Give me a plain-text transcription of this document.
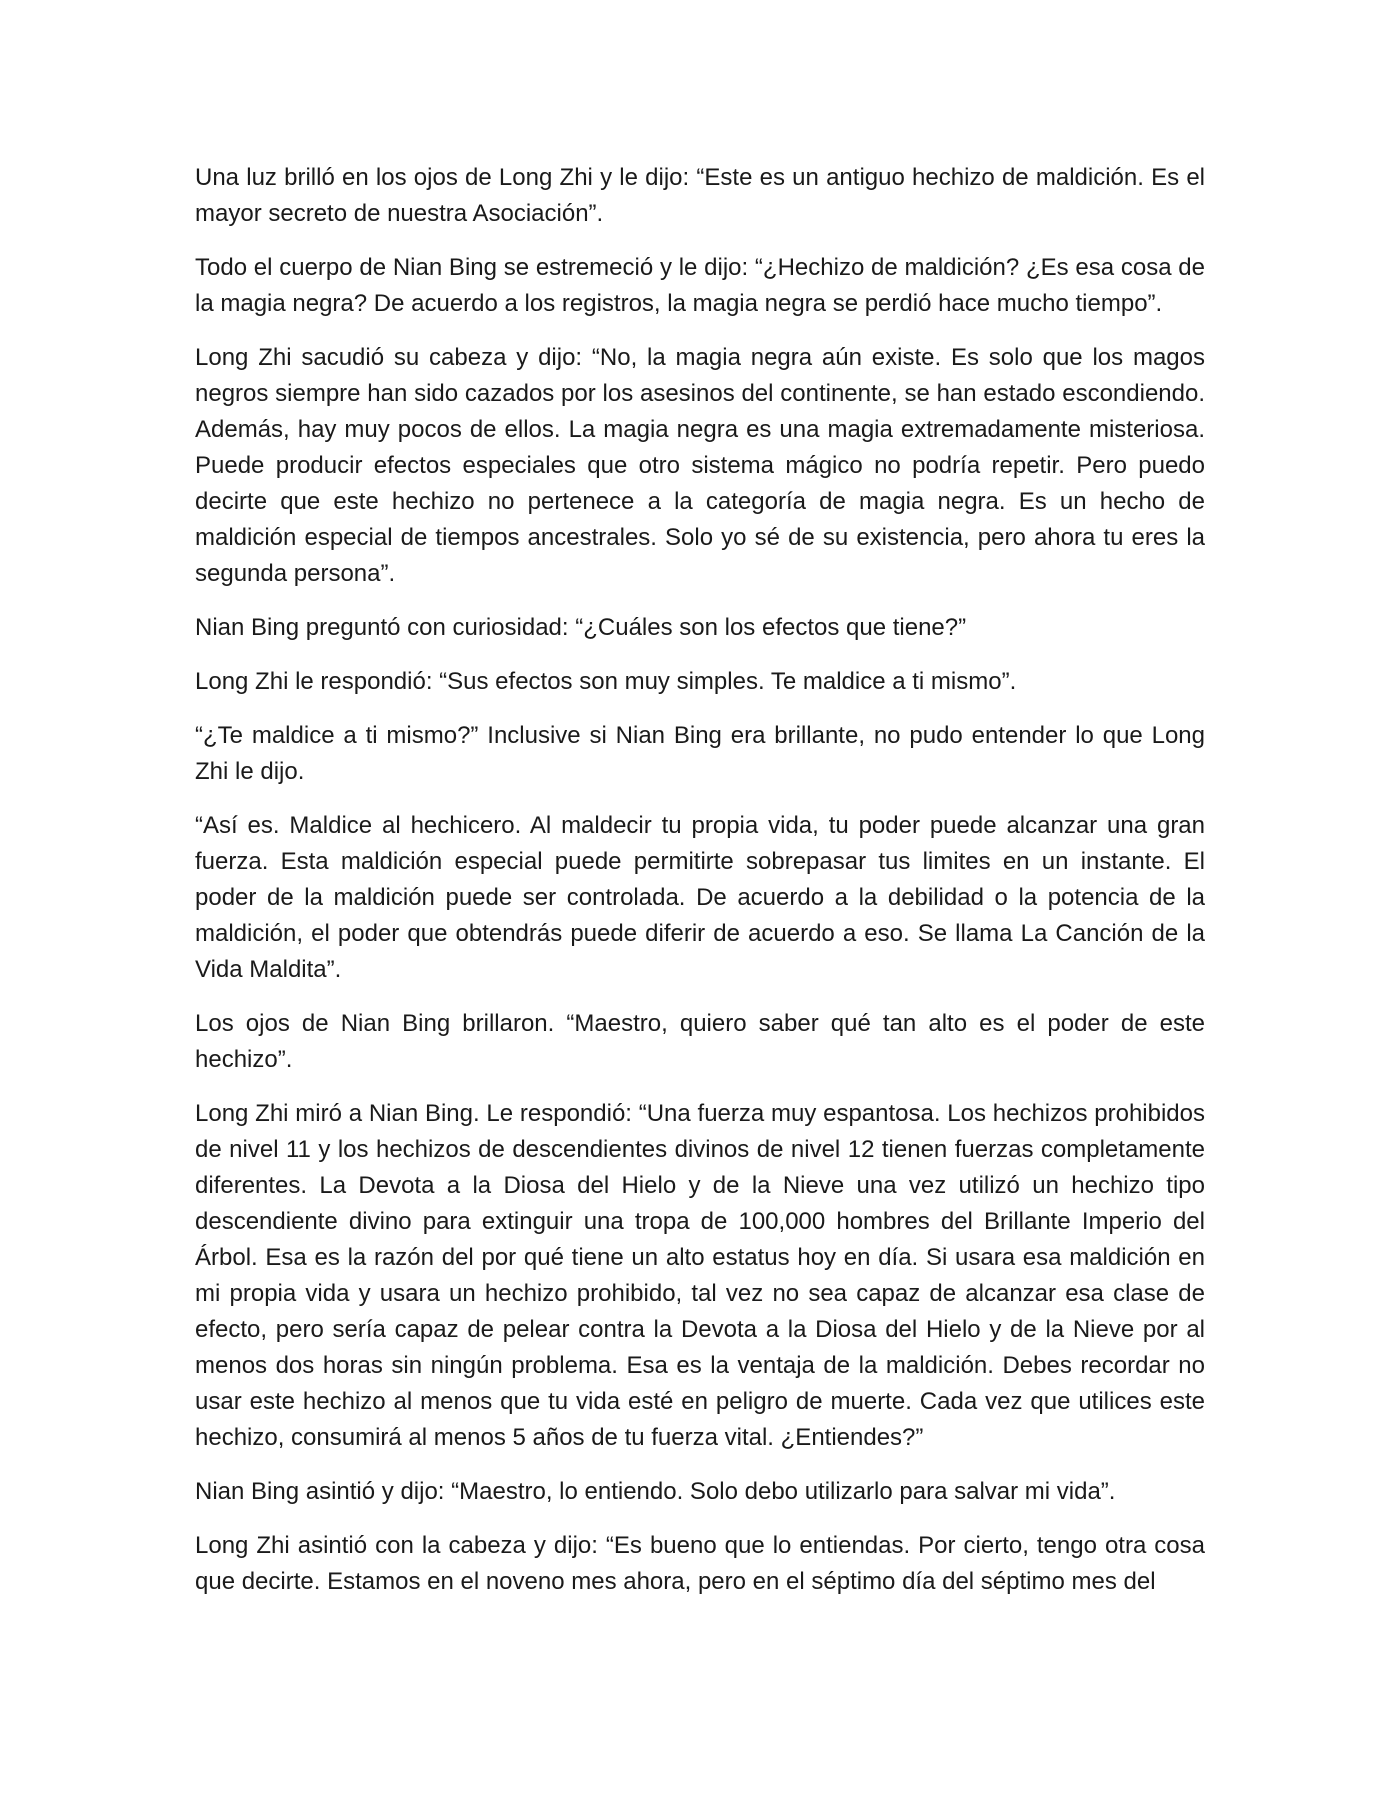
Una luz brilló en los ojos de Long Zhi y le dijo: “Este es un antiguo hechizo de maldición. Es el mayor secreto de nuestra Asociación”.

Todo el cuerpo de Nian Bing se estremeció y le dijo: “¿Hechizo de maldición? ¿Es esa cosa de la magia negra? De acuerdo a los registros, la magia negra se perdió hace mucho tiempo”.

Long Zhi sacudió su cabeza y dijo: “No, la magia negra aún existe. Es solo que los magos negros siempre han sido cazados por los asesinos del continente, se han estado escondiendo. Además, hay muy pocos de ellos. La magia negra es una magia extremadamente misteriosa. Puede producir efectos especiales que otro sistema mágico no podría repetir. Pero puedo decirte que este hechizo no pertenece a la categoría de magia negra. Es un hecho de maldición especial de tiempos ancestrales. Solo yo sé de su existencia, pero ahora tu eres la segunda persona”.

Nian Bing preguntó con curiosidad: “¿Cuáles son los efectos que tiene?”

Long Zhi le respondió: “Sus efectos son muy simples. Te maldice a ti mismo”.

“¿Te maldice a ti mismo?” Inclusive si Nian Bing era brillante, no pudo entender lo que Long Zhi le dijo.

“Así es. Maldice al hechicero. Al maldecir tu propia vida, tu poder puede alcanzar una gran fuerza. Esta maldición especial puede permitirte sobrepasar tus limites en un instante. El poder de la maldición puede ser controlada. De acuerdo a la debilidad o la potencia de la maldición, el poder que obtendrás puede diferir de acuerdo a eso. Se llama La Canción de la Vida Maldita”.

Los ojos de Nian Bing brillaron. “Maestro, quiero saber qué tan alto es el poder de este hechizo”.

Long Zhi miró a Nian Bing. Le respondió: “Una fuerza muy espantosa. Los hechizos prohibidos de nivel 11 y los hechizos de descendientes divinos de nivel 12 tienen fuerzas completamente diferentes. La Devota a la Diosa del Hielo y de la Nieve una vez utilizó un hechizo tipo descendiente divino para extinguir una tropa de 100,000 hombres del Brillante Imperio del Árbol. Esa es la razón del por qué tiene un alto estatus hoy en día. Si usara esa maldición en mi propia vida y usara un hechizo prohibido, tal vez no sea capaz de alcanzar esa clase de efecto, pero sería capaz de pelear contra la Devota a la Diosa del Hielo y de la Nieve por al menos dos horas sin ningún problema. Esa es la ventaja de la maldición. Debes recordar no usar este hechizo al menos que tu vida esté en peligro de muerte. Cada vez que utilices este hechizo, consumirá al menos 5 años de tu fuerza vital. ¿Entiendes?”

Nian Bing asintió y dijo: “Maestro, lo entiendo. Solo debo utilizarlo para salvar mi vida”.

Long Zhi asintió con la cabeza y dijo: “Es bueno que lo entiendas. Por cierto, tengo otra cosa que decirte. Estamos en el noveno mes ahora, pero en el séptimo día del séptimo mes del
